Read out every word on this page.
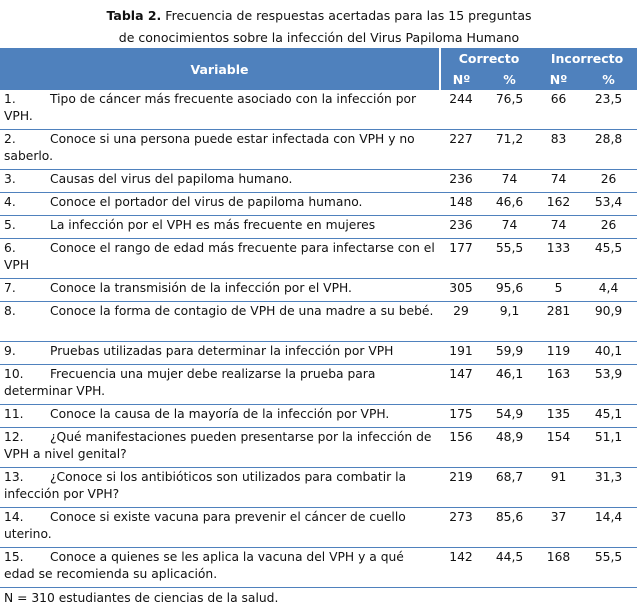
Tabla 2. Frecuencia de respuestas acertadas para las 15 preguntas
de conocimientos sobre la infección del Virus Papiloma Humano
Variable	Correcto		Incorrecto	
	Nº	%	Nº	%
1. Tipo de cáncer más frecuente asociado con la infección por VPH.	244	76,5	66	23,5
2. Conoce si una persona puede estar infectada con VPH y no saberlo.	227	71,2	83	28,8
3. Causas del virus del papiloma humano.	236	74	74	26
4. Conoce el portador del virus de papiloma humano.	148	46,6	162	53,4
5. La infección por el VPH es más frecuente en mujeres	236	74	74	26
6. Conoce el rango de edad más frecuente para infectarse con el VPH	177	55,5	133	45,5
7. Conoce la transmisión de la infección por el VPH.	305	95,6	5	4,4
8. Conoce la forma de contagio de VPH de una madre a su bebé.	29	9,1	281	90,9
9. Pruebas utilizadas para determinar la infección por VPH	191	59,9	119	40,1
10. Frecuencia una mujer debe realizarse la prueba para determinar VPH.	147	46,1	163	53,9
11. Conoce la causa de la mayoría de la infección por VPH.	175	54,9	135	45,1
12. ¿Qué manifestaciones pueden presentarse por la infección de VPH a nivel genital?	156	48,9	154	51,1
13. ¿Conoce si los antibióticos son utilizados para combatir la infección por VPH?	219	68,7	91	31,3
14. Conoce si existe vacuna para prevenir el cáncer de cuello uterino.	273	85,6	37	14,4
15. Conoce a quienes se les aplica la vacuna del VPH y a qué edad se recomienda su aplicación.	142	44,5	168	55,5
N = 310 estudiantes de ciencias de la salud.
